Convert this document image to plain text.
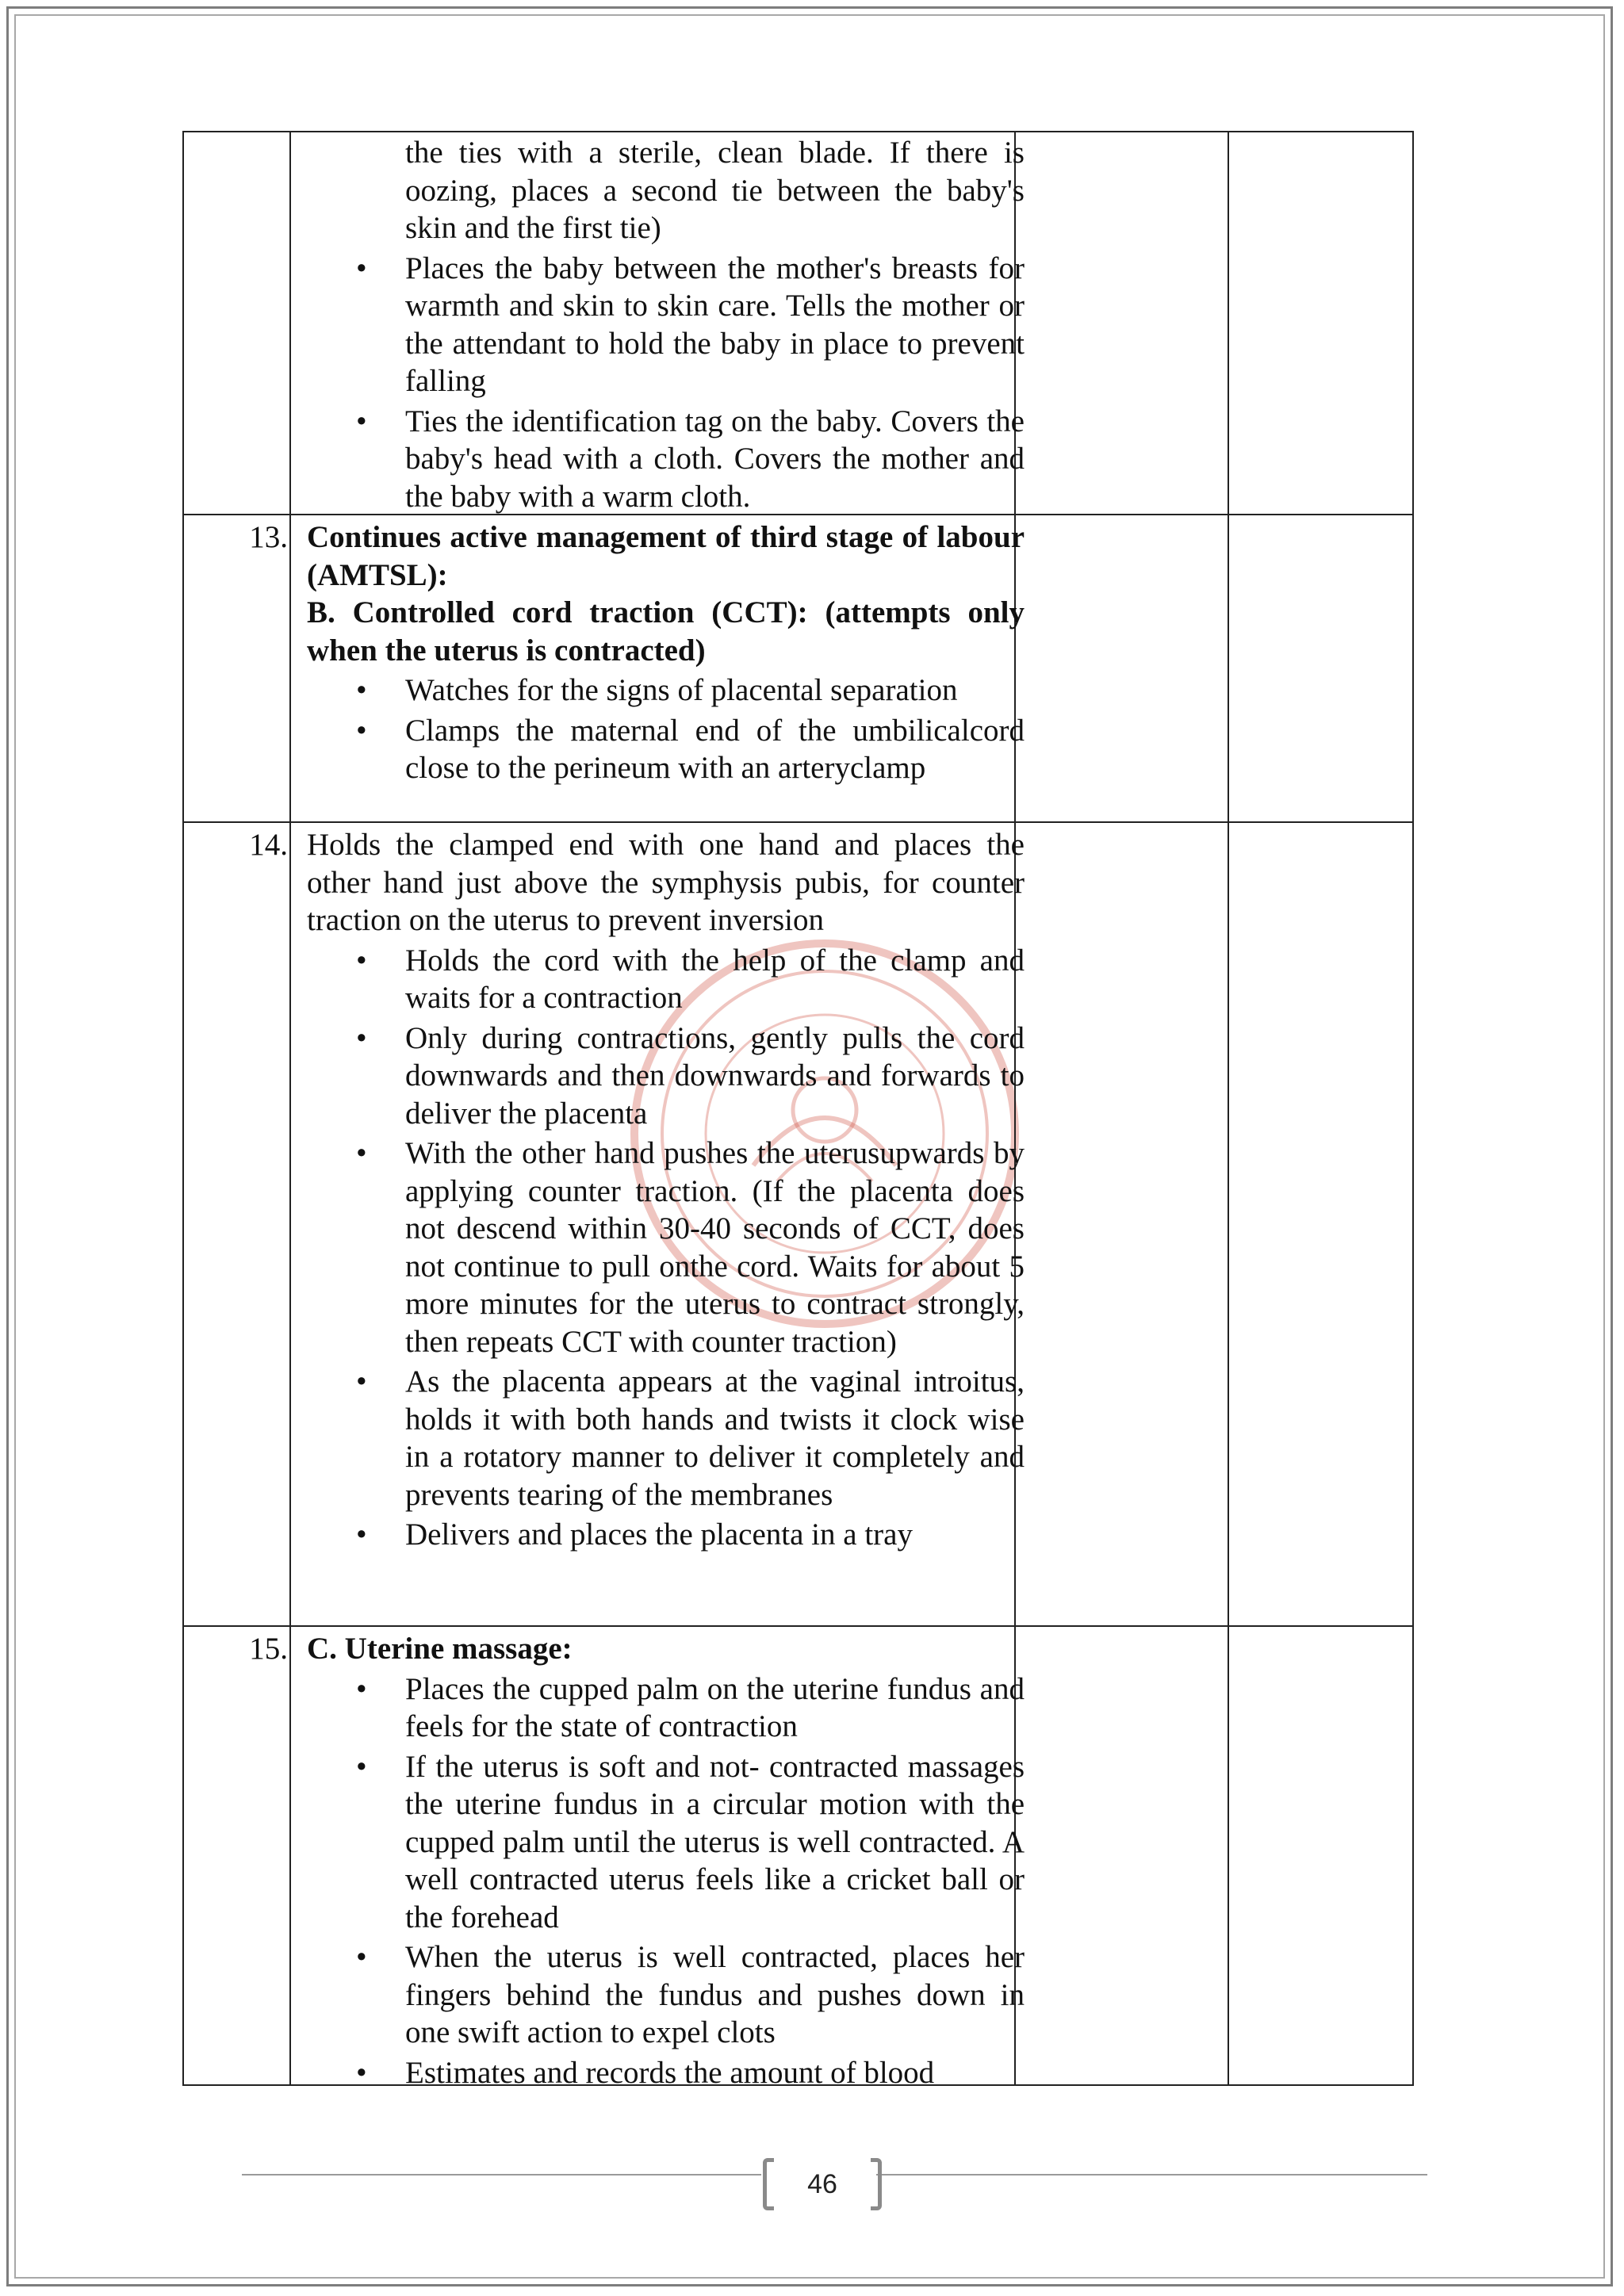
the ties with a sterile, clean blade. If there is oozing, places a second tie between the baby's skin and the first tie)

• Places the baby between the mother's breasts for warmth and skin to skin care. Tells the mother or the attendant to hold the baby in place to prevent falling
• Ties the identification tag on the baby. Covers the baby's head with a cloth. Covers the mother and the baby with a warm cloth.
13. Continues active management of third stage of labour (AMTSL):

B. Controlled cord traction (CCT): (attempts only when the uterus is contracted)

• Watches for the signs of placental separation
• Clamps the maternal end of the umbilicalcord close to the perineum with an arteryclamp
14. Holds the clamped end with one hand and places the other hand just above the symphysis pubis, for counter traction on the uterus to prevent inversion

• Holds the cord with the help of the clamp and waits for a contraction
• Only during contractions, gently pulls the cord downwards and then downwards and forwards to deliver the placenta
• With the other hand pushes the uterusupwards by applying counter traction. (If the placenta does not descend within 30-40 seconds of CCT, does not continue to pull onthe cord. Waits for about 5 more minutes for the uterus to contract strongly, then repeats CCT with counter traction)
• As the placenta appears at the vaginal introitus, holds it with both hands and twists it clock wise in a rotatory manner to deliver it completely and prevents tearing of the membranes
• Delivers and places the placenta in a tray
15. C. Uterine massage:

• Places the cupped palm on the uterine fundus and feels for the state of contraction
• If the uterus is soft and not- contracted massages the uterine fundus in a circular motion with the cupped palm until the uterus is well contracted. A well contracted uterus feels like a cricket ball or the forehead
• When the uterus is well contracted, places her fingers behind the fundus and pushes down in one swift action to expel clots
• Estimates and records the amount of blood
46
